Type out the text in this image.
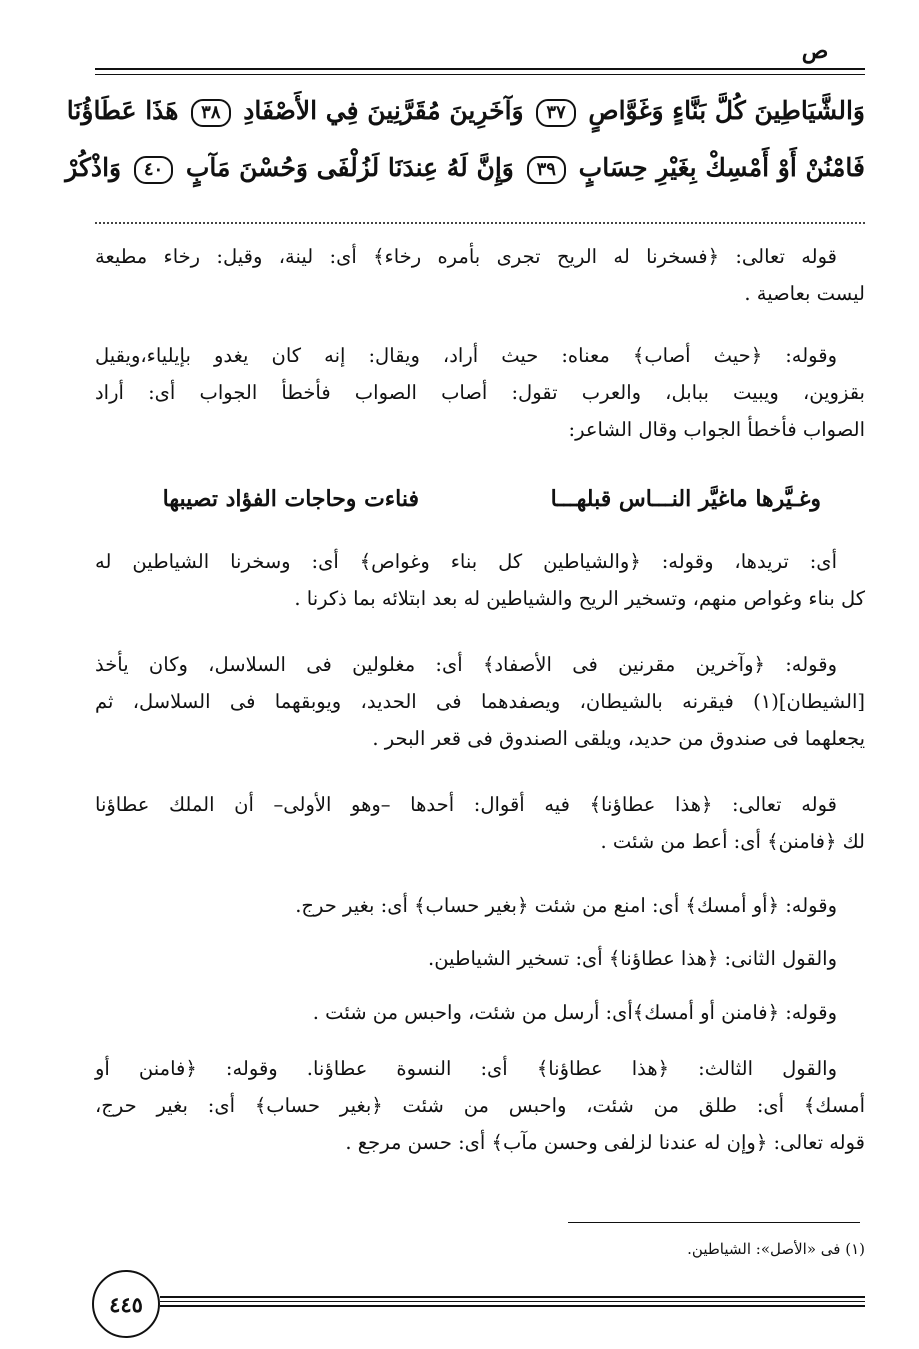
ص
وَالشَّيَاطِينَ كُلَّ بَنَّاءٍ وَغَوَّاصٍ ٣٧ وَآخَرِينَ مُقَرَّنِينَ فِي الأَصْفَادِ ٣٨ هَذَا عَطَاؤُنَا
فَامْنُنْ أَوْ أَمْسِكْ بِغَيْرِ حِسَابٍ ٣٩ وَإِنَّ لَهُ عِندَنَا لَزُلْفَى وَحُسْنَ مَآبٍ ٤٠ وَاذْكُرْ
قوله تعالى: ﴿فسخرنا له الريح تجرى بأمره رخاء﴾ أى: لينة، وقيل: رخاء مطيعة
ليست بعاصية .
وقوله: ﴿حيث أصاب﴾ معناه: حيث أراد، ويقال: إنه كان يغدو بإيلياء،ويقيل
بقزوين، ويبيت ببابل، والعرب تقول: أصاب الصواب فأخطأ الجواب أى: أراد
الصواب فأخطأ الجواب وقال الشاعر:
وغـيَّرها ماغيَّر النـــاس قبلهـــا
فناءت وحاجات الفؤاد تصيبها
أى: تريدها، وقوله: ﴿والشياطين كل بناء وغواص﴾ أى: وسخرنا الشياطين له
كل بناء وغواص منهم، وتسخير الريح والشياطين له بعد ابتلائه بما ذكرنا .
وقوله: ﴿وآخرين مقرنين فى الأصفاد﴾ أى: مغلولين فى السلاسل، وكان يأخذ
[الشيطان](١) فيقرنه بالشيطان، ويصفدهما فى الحديد، ويوبقهما فى السلاسل، ثم
يجعلهما فى صندوق من حديد، ويلقى الصندوق فى قعر البحر .
قوله تعالى: ﴿هذا عطاؤنا﴾ فيه أقوال: أحدها –وهو الأولى– أن الملك عطاؤنا
لك ﴿فامنن﴾ أى: أعط من شئت .
وقوله: ﴿أو أمسك﴾ أى: امنع من شئت ﴿بغير حساب﴾ أى: بغير حرج.
والقول الثانى: ﴿هذا عطاؤنا﴾ أى: تسخير الشياطين.
وقوله: ﴿فامنن أو أمسك﴾أى: أرسل من شئت، واحبس من شئت .
والقول الثالث: ﴿هذا عطاؤنا﴾ أى: النسوة عطاؤنا. وقوله: ﴿فامنن أو
أمسك﴾ أى: طلق من شئت، واحبس من شئت ﴿بغير حساب﴾ أى: بغير حرج،
قوله تعالى: ﴿وإن له عندنا لزلفى وحسن مآب﴾ أى: حسن مرجع .
(١) فى «الأصل»: الشياطين.
٤٤٥
